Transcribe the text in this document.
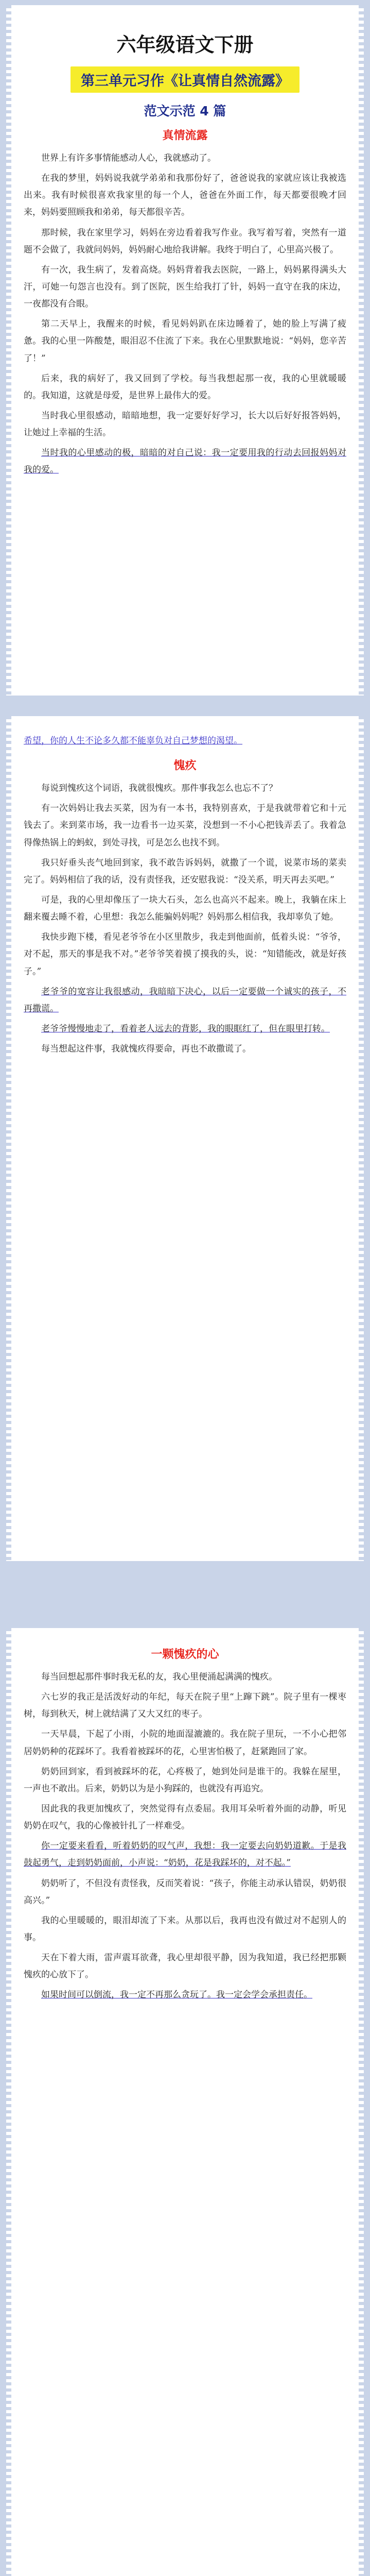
六年级语文下册
第三单元习作《让真情自然流露》
范文示范 4 篇
真情流露

世界上有许多事情能感动人心，我就感动了。

在我的梦里，妈妈说我就学弟弟和我那份好了，爸爸说我的家就应该让我被选出来。我有时候很喜欢我家里的每一个人，爸爸在外面工作，每天都要很晚才回来，妈妈要照顾我和弟弟，每天都很辛苦。

那时候，我在家里学习，妈妈在旁边看着我写作业。我写着写着，突然有一道题不会做了，我就问妈妈，妈妈耐心地给我讲解。我终于明白了，心里高兴极了。

有一次，我生病了，发着高烧。妈妈背着我去医院，一路上，妈妈累得满头大汗，可她一句怨言也没有。到了医院，医生给我打了针，妈妈一直守在我的床边，一夜都没有合眼。

第二天早上，我醒来的时候，看见妈妈趴在床边睡着了，她的脸上写满了疲惫。我的心里一阵酸楚，眼泪忍不住流了下来。我在心里默默地说：“妈妈，您辛苦了！”

后来，我的病好了，我又回到了学校。每当我想起那一夜，我的心里就暖暖的。我知道，这就是母爱，是世界上最伟大的爱。

当时我心里很感动，暗暗地想，我一定要好好学习，长大以后好好报答妈妈，让她过上幸福的生活。

当时我的心里感动的极，暗暗的对自己说：我一定要用我的行动去回报妈妈对我的爱。

希望，你的人生不论多久都不能辜负对自己梦想的渴望。
愧疚

每说到愧疚这个词语，我就很愧疚。那件事我怎么也忘不了？

有一次妈妈让我去买菜，因为有一本书，我特别喜欢，于是我就带着它和十元钱去了。来到菜市场，我一边看书一边买菜，没想到一不小心把钱弄丢了。我着急得像热锅上的蚂蚁，到处寻找，可是怎么也找不到。

我只好垂头丧气地回到家，我不敢告诉妈妈，就撒了一个谎，说菜市场的菜卖完了。妈妈相信了我的话，没有责怪我，还安慰我说：“没关系，明天再去买吧。”

可是，我的心里却像压了一块大石头，怎么也高兴不起来。晚上，我躺在床上翻来覆去睡不着，心里想：我怎么能骗妈妈呢？妈妈那么相信我，我却辜负了她。

我快步跑下楼，看见老爷爷在小区里散步，我走到他面前，低着头说：“爷爷，对不起，那天的事是我不对。”老爷爷笑着摸了摸我的头，说：“知错能改，就是好孩子。”

老爷爷的宽容让我很感动，我暗暗下决心，以后一定要做一个诚实的孩子，不再撒谎。

老爷爷慢慢地走了，看着老人远去的背影，我的眼眶红了，但在眼里打转。

每当想起这件事，我就愧疚得要命，再也不敢撒谎了。

一颗愧疚的心

每当回想起那件事时我无私的友，我心里便涌起满满的愧疚。

六七岁的我正是活泼好动的年纪，每天在院子里“上蹿下跳”。院子里有一棵枣树，每到秋天，树上就结满了又大又红的枣子。

一天早晨，下起了小雨，小院的地面湿漉漉的。我在院子里玩，一不小心把邻居奶奶种的花踩坏了。我看着被踩坏的花，心里害怕极了，赶紧跑回了家。

奶奶回到家，看到被踩坏的花，心疼极了，她到处问是谁干的。我躲在屋里，一声也不敢出。后来，奶奶以为是小狗踩的，也就没有再追究。

因此我的我更加愧疚了，突然觉得有点委屈。我用耳朵听着外面的动静，听见奶奶在叹气，我的心像被针扎了一样难受。

你一定要来看看，听着奶奶的叹气声，我想：我一定要去向奶奶道歉。于是我鼓起勇气，走到奶奶面前，小声说：“奶奶，花是我踩坏的，对不起。”

奶奶听了，不但没有责怪我，反而笑着说：“孩子，你能主动承认错误，奶奶很高兴。”

我的心里暖暖的，眼泪却流了下来。从那以后，我再也没有做过对不起别人的事。

天在下着大雨，雷声震耳欲聋，我心里却很平静，因为我知道，我已经把那颗愧疚的心放下了。

如果时间可以倒流，我一定不再那么贪玩了。我一定会学会承担责任。
